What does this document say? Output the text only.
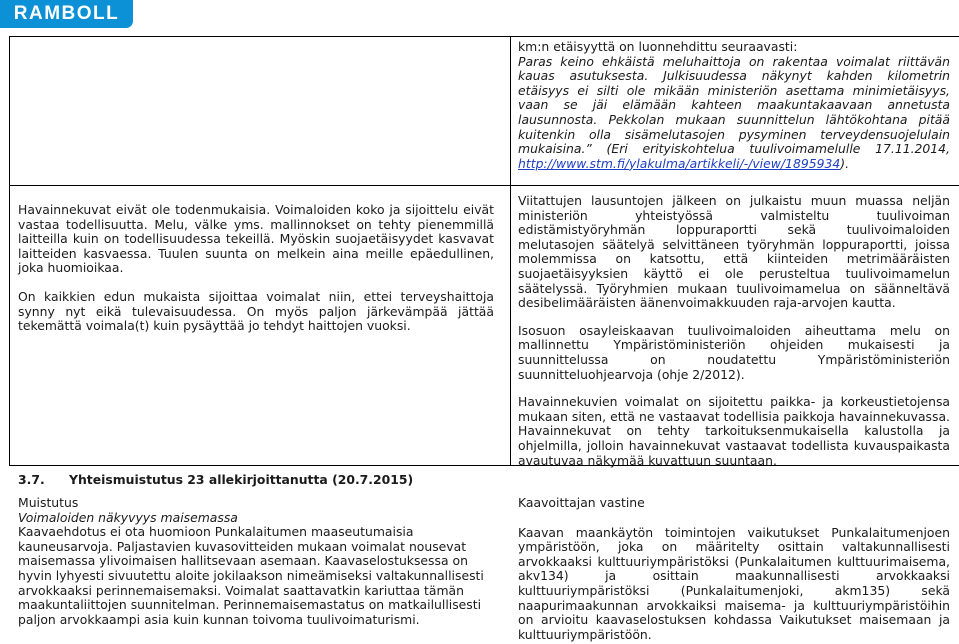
RAMBOLL

km:n etäisyyttä on luonnehdittu seuraavasti:

Paras keino ehkäistä meluhaittoja on rakentaa voimalat riittävän kauas asutuksesta. Julkisuudessa näkynyt kahden kilometrin etäisyys ei silti ole mikään ministeriön asettama minimietäisyys, vaan se jäi elämään kahteen maakuntakaavaan annetusta lausunnosta. Pekkolan mukaan suunnittelun lähtökohtana pitää kuitenkin olla sisämelutasojen pysyminen terveydensuojelulain mukaisina.” (Eri erityiskohtelua tuulivoimamelulle 17.11.2014, http://www.stm.fi/ylakulma/artikkeli/-/view/1895934).

Havainnekuvat eivät ole todenmukaisia. Voimaloiden koko ja sijoittelu eivät vastaa todellisuutta. Melu, välke yms. mallinnokset on tehty pienemmillä laitteilla kuin on todellisuudessa tekeillä. Myöskin suojaetäisyydet kasvavat laitteiden kasvaessa. Tuulen suunta on melkein aina meille epäedullinen, joka huomioikaa.

On kaikkien edun mukaista sijoittaa voimalat niin, ettei terveyshaittoja synny nyt eikä tulevaisuudessa. On myös paljon järkevämpää jättää tekemättä voimala(t) kuin pysäyttää jo tehdyt haittojen vuoksi.

Viitattujen lausuntojen jälkeen on julkaistu muun muassa neljän ministeriön yhteistyössä valmisteltu tuulivoiman edistämistyöryhmän loppuraportti sekä tuulivoimaloiden melutasojen säätelyä selvittäneen työryhmän loppuraportti, joissa molemmissa on katsottu, että kiinteiden metrimääräisten suojaetäisyyksien käyttö ei ole perusteltua tuulivoimamelun säätelyssä. Työryhmien mukaan tuulivoimamelua on säänneltävä desibelimääräisten äänenvoimakkuuden raja-arvojen kautta.

Isosuon osayleiskaavan tuulivoimaloiden aiheuttama melu on mallinnettu Ympäristöministeriön ohjeiden mukaisesti ja suunnittelussa on noudatettu Ympäristöministeriön suunnitteluohjearvoja (ohje 2/2012).

Havainnekuvien voimalat on sijoitettu paikka- ja korkeustietojensa mukaan siten, että ne vastaavat todellisia paikkoja havainnekuvassa. Havainnekuvat on tehty tarkoituksenmukaisella kalustolla ja ohjelmilla, jolloin havainnekuvat vastaavat todellista kuvauspaikasta avautuvaa näkymää kuvattuun suuntaan.

3.7. Yhteismuistutus 23 allekirjoittanutta (20.7.2015)
Muistutus
Voimaloiden näkyvyys maisemassa
Kaavaehdotus ei ota huomioon Punkalaitumen maaseutumaisia kauneusarvoja. Paljastavien kuvasovitteiden mukaan voimalat nousevat maisemassa ylivoimaisen hallitsevaan asemaan. Kaavaselostuksessa on hyvin lyhyesti sivuutettu aloite jokilaakson nimeämiseksi valtakunnallisesti arvokkaaksi perinnemaisemaksi. Voimalat saattavatkin kariuttaa tämän maakuntaliittojen suunnitelman. Perinnemaisemastatus on matkailullisesti paljon arvokkaampi asia kuin kunnan toivoma tuulivoimaturismi.
Kaavoittajan vastine
Kaavan maankäytön toimintojen vaikutukset Punkalaitumenjoen ympäristöön, joka on määritelty osittain valtakunnallisesti arvokkaaksi kulttuuriympäristöksi (Punkalaitumen kulttuurimaisema, akv134) ja osittain maakunnallisesti arvokkaaksi kulttuuriympäristöksi (Punkalaitumenjoki, akm135) sekä naapurimaakunnan arvokkaiksi maisema- ja kulttuuriympäristöihin on arvioitu kaavaselostuksen kohdassa Vaikutukset maisemaan ja kulttuuriympäristöön.
